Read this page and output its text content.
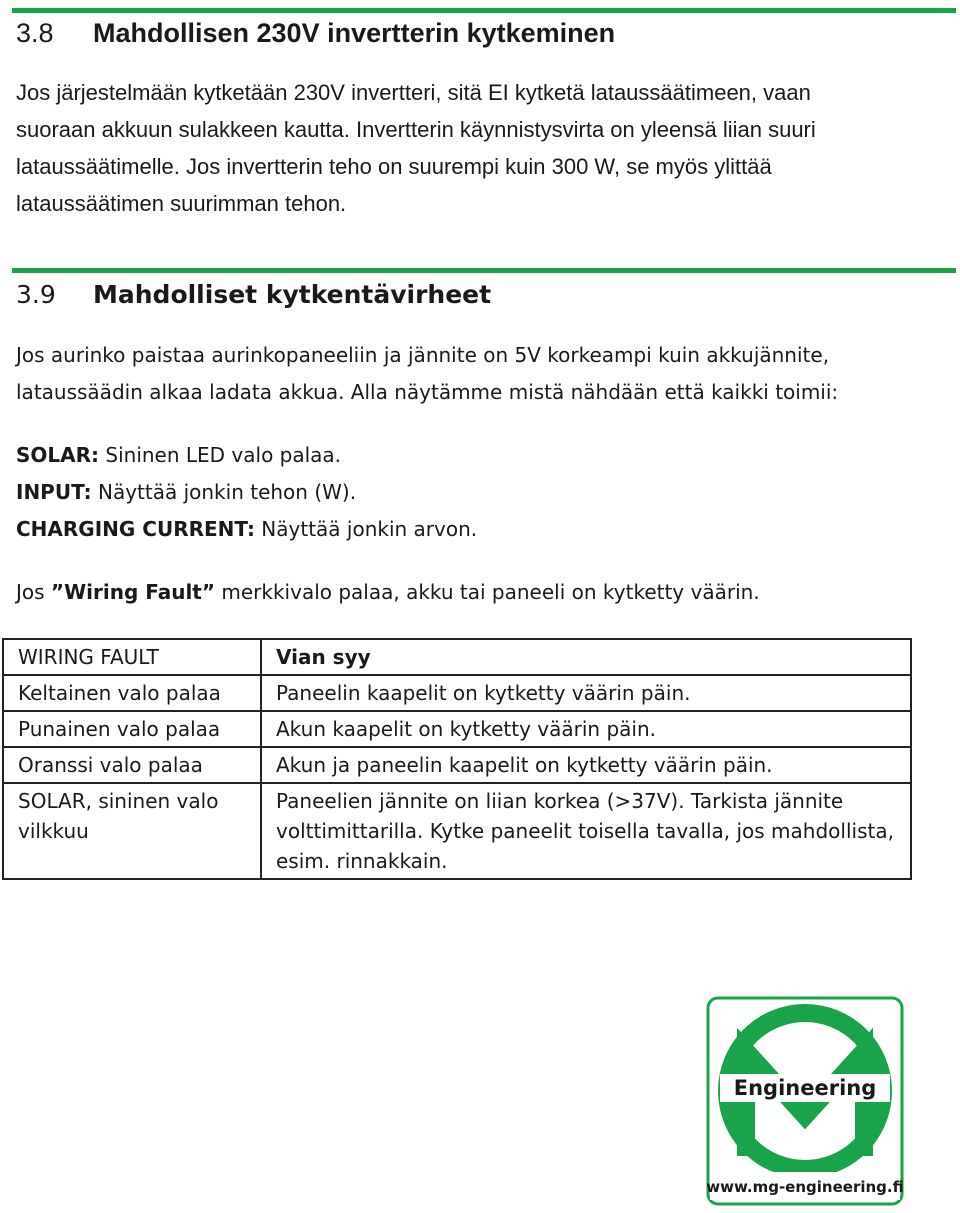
3.8	Mahdollisen 230V invertterin kytkeminen
Jos järjestelmään kytketään 230V invertteri, sitä EI kytketä lataussäätimeen, vaan
suoraan akkuun sulakkeen kautta. Invertterin käynnistysvirta on yleensä liian suuri
lataussäätimelle. Jos invertterin teho on suurempi kuin 300 W, se myös ylittää
lataussäätimen suurimman tehon.
3.9	Mahdolliset kytkentävirheet
Jos aurinko paistaa aurinkopaneeliin ja jännite on 5V korkeampi kuin akkujännite,
lataussäädin alkaa ladata akkua. Alla näytämme mistä nähdään että kaikki toimii:
SOLAR: Sininen LED valo palaa.
INPUT: Näyttää jonkin tehon (W).
CHARGING CURRENT: Näyttää jonkin arvon.
Jos ”Wiring Fault” merkkivalo palaa, akku tai paneeli on kytketty väärin.
WIRING FAULT	Vian syy
Keltainen valo palaa	Paneelin kaapelit on kytketty väärin päin.
Punainen valo palaa	Akun kaapelit on kytketty väärin päin.
Oranssi valo palaa	Akun ja paneelin kaapelit on kytketty väärin päin.
SOLAR, sininen valo vilkkuu	Paneelien jännite on liian korkea (>37V). Tarkista jännite volttimittarilla. Kytke paneelit toisella tavalla, jos mahdollista, esim. rinnakkain.
Engineering
www.mg-engineering.fi
